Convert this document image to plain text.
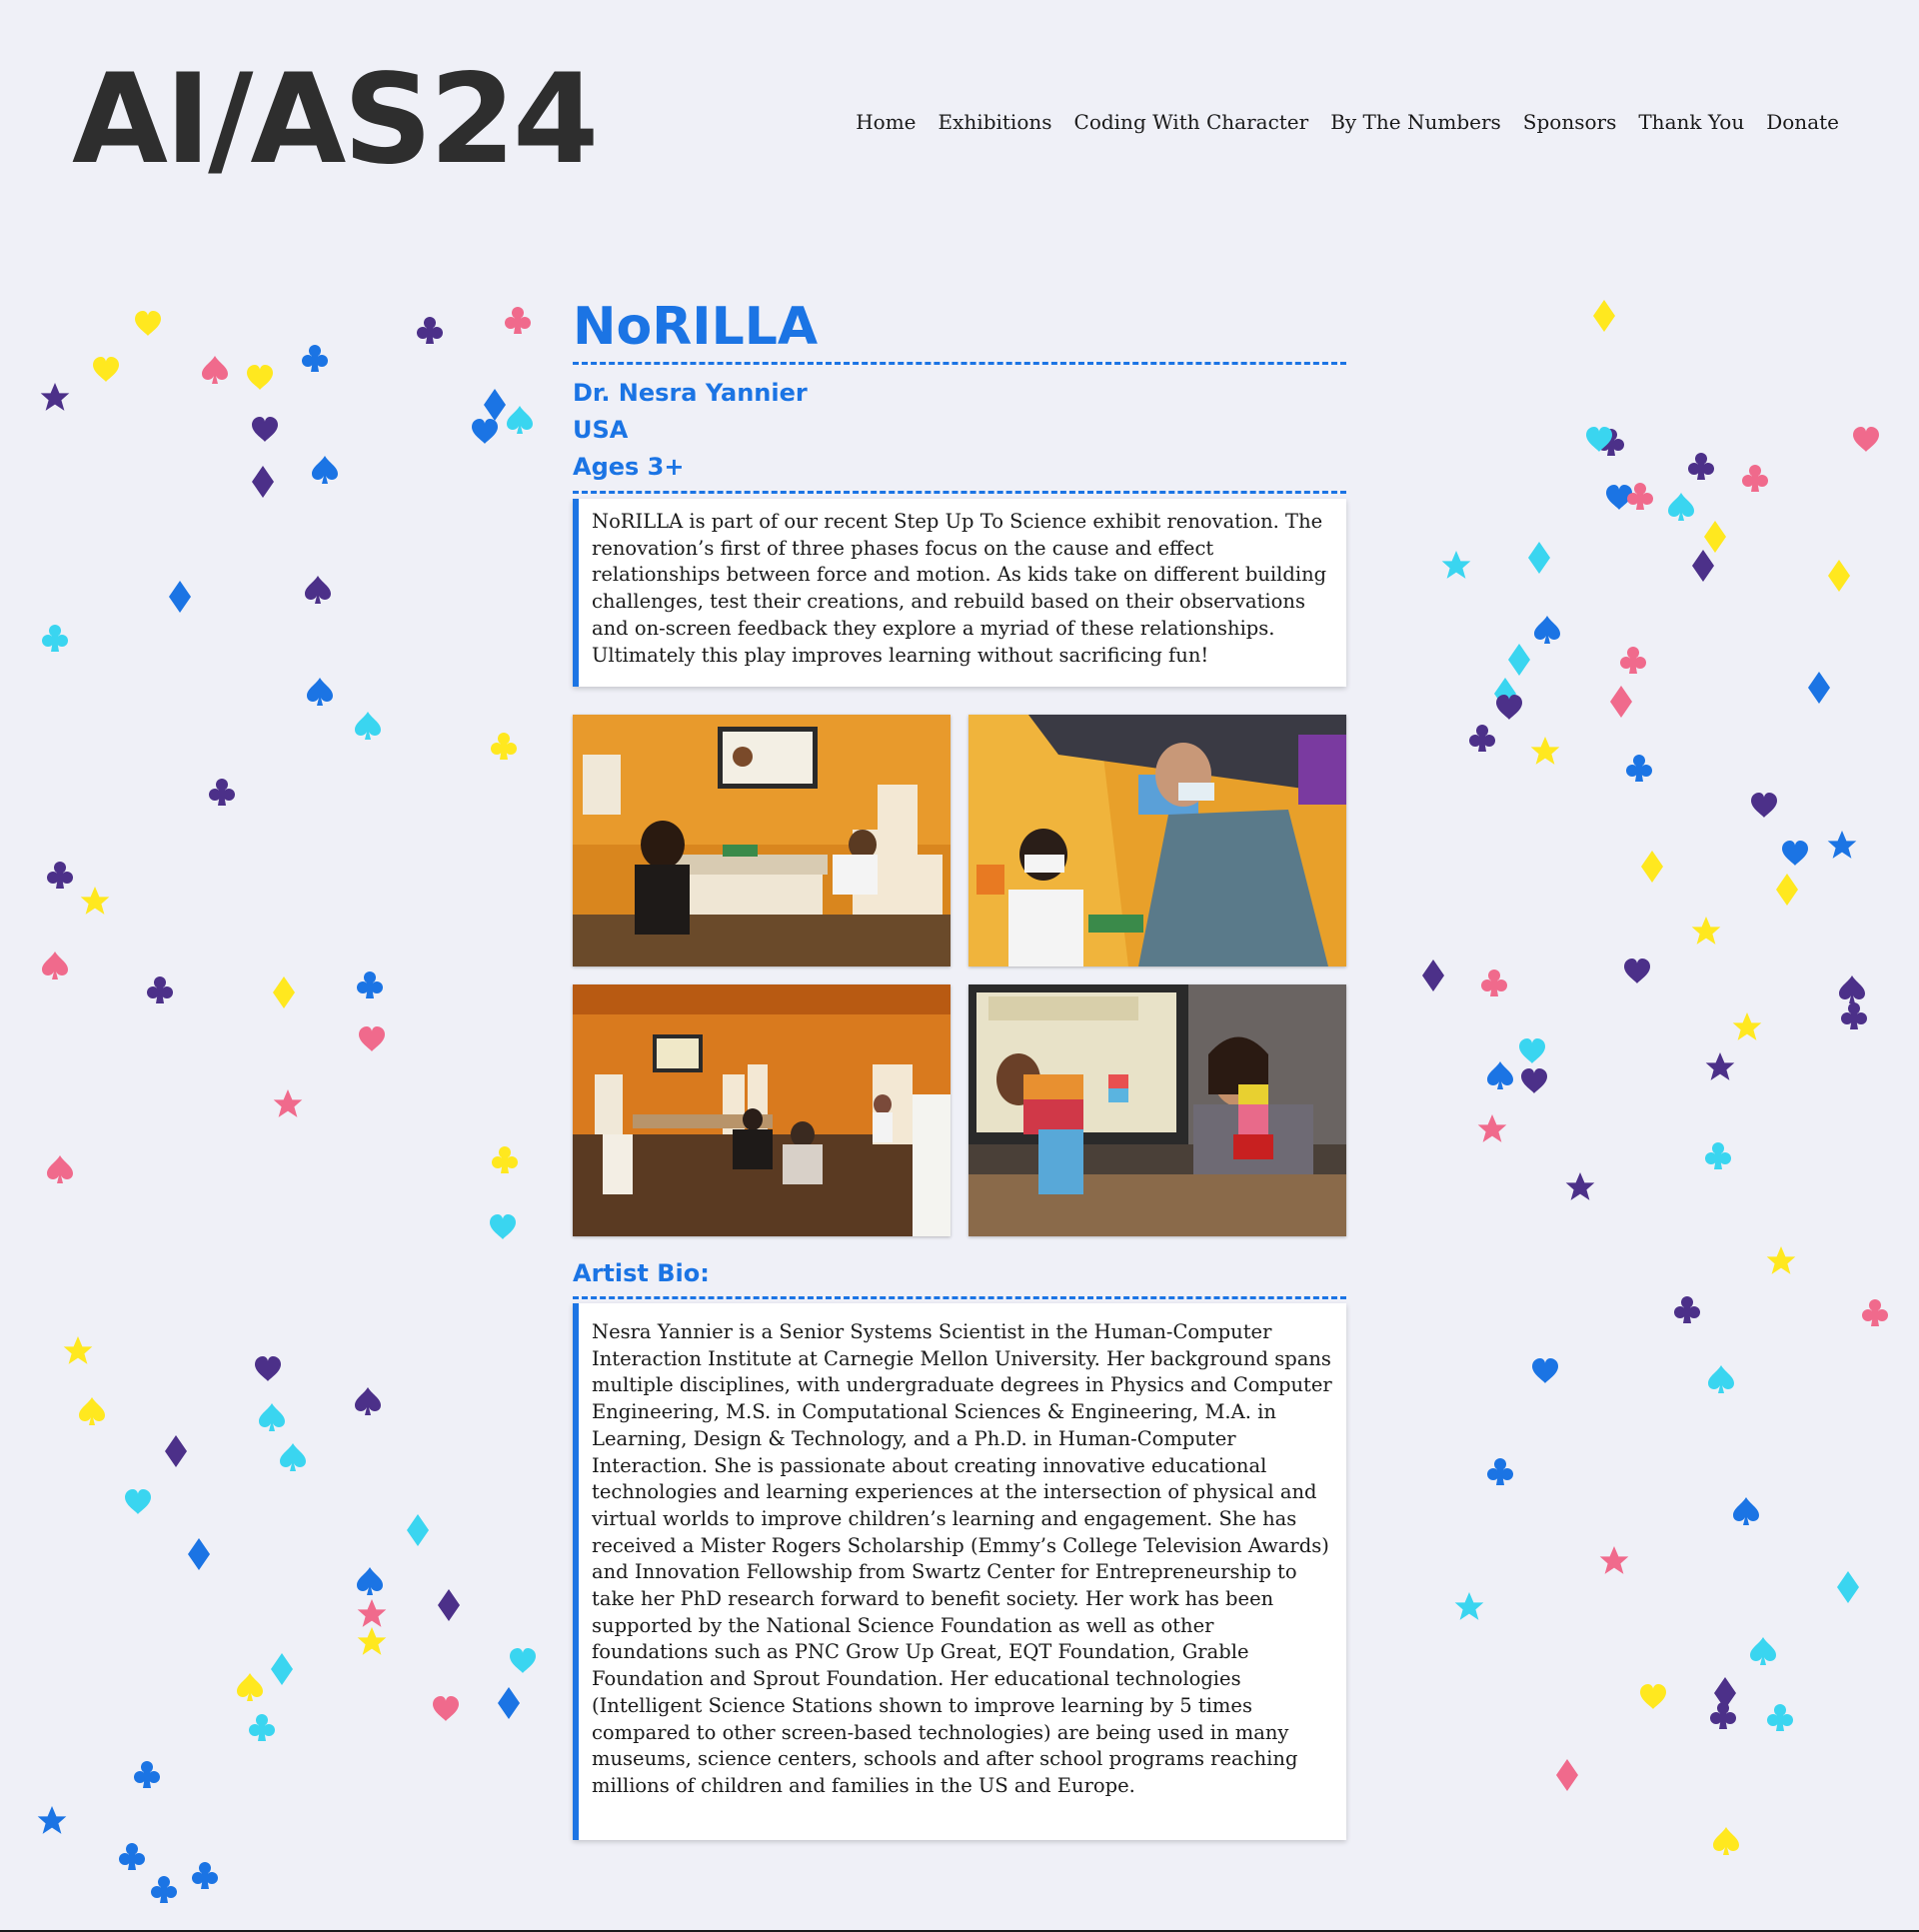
AI/AS24	Home Exhibitions Coding With Character By The Numbers Sponsors Thank You Donate
NoRILLA
Dr. Nesra Yannier
USA
Ages 3+
NoRILLA is part of our recent Step Up To Science exhibit renovation. The renovation’s first of three phases focus on the cause and effect relationships between force and motion. As kids take on different building challenges, test their creations, and rebuild based on their observations and on-screen feedback they explore a myriad of these relationships. Ultimately this play improves learning without sacrificing fun!
Artist Bio:
Nesra Yannier is a Senior Systems Scientist in the Human-Computer Interaction Institute at Carnegie Mellon University. Her background spans multiple disciplines, with undergraduate degrees in Physics and Computer Engineering, M.S. in Computational Sciences & Engineering, M.A. in Learning, Design & Technology, and a Ph.D. in Human-Computer Interaction. She is passionate about creating innovative educational technologies and learning experiences at the intersection of physical and virtual worlds to improve children’s learning and engagement. She has received a Mister Rogers Scholarship (Emmy’s College Television Awards) and Innovation Fellowship from Swartz Center for Entrepreneurship to take her PhD research forward to benefit society. Her work has been supported by the National Science Foundation as well as other foundations such as PNC Grow Up Great, EQT Foundation, Grable Foundation and Sprout Foundation. Her educational technologies (Intelligent Science Stations shown to improve learning by 5 times compared to other screen-based technologies) are being used in many museums, science centers, schools and after school programs reaching millions of children and families in the US and Europe.
